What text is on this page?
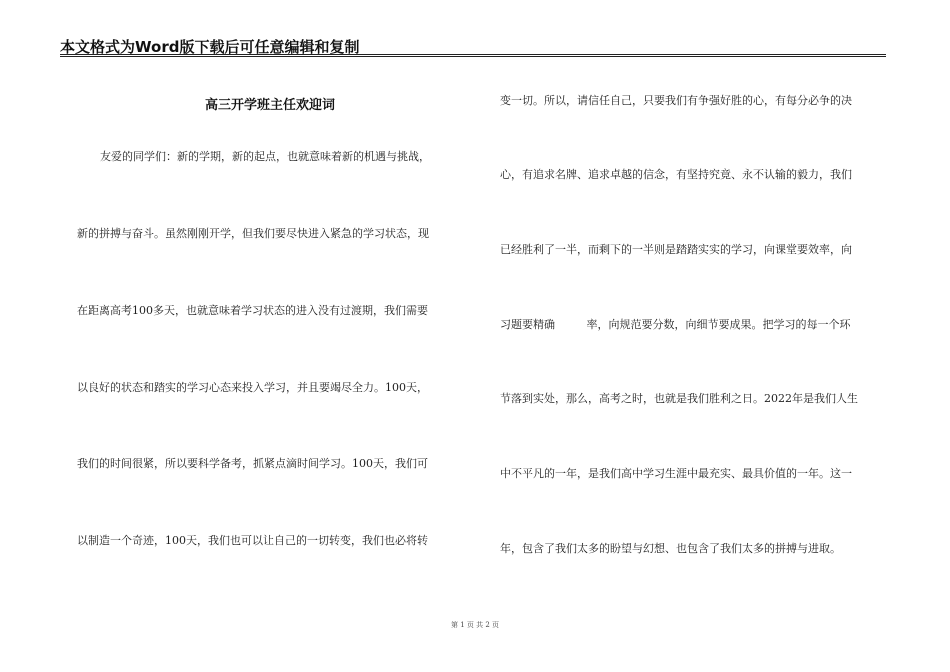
本文格式为Word版下载后可任意编辑和复制
高三开学班主任欢迎词
友爱的同学们：新的学期，新的起点，也就意味着新的机遇与挑战，
新的拼搏与奋斗。虽然刚刚开学，但我们要尽快进入紧急的学习状态，现
在距离高考100多天，也就意味着学习状态的进入没有过渡期，我们需要
以良好的状态和踏实的学习心态来投入学习，并且要竭尽全力。100天，
我们的时间很紧，所以要科学备考，抓紧点滴时间学习。100天，我们可
以制造一个奇迹，100天，我们也可以让自己的一切转变，我们也必将转
变一切。所以，请信任自己，只要我们有争强好胜的心，有每分必争的决
心，有追求名牌、追求卓越的信念，有坚持究竟、永不认输的毅力，我们
已经胜利了一半，而剩下的一半则是踏踏实实的学习，向课堂要效率，向
习题要精确         率，向规范要分数，向细节要成果。把学习的每一个环
节落到实处，那么，高考之时，也就是我们胜利之日。2022年是我们人生
中不平凡的一年，是我们高中学习生涯中最充实、最具价值的一年。这一
年，包含了我们太多的盼望与幻想、也包含了我们太多的拼搏与进取。
第 1 页 共 2 页
